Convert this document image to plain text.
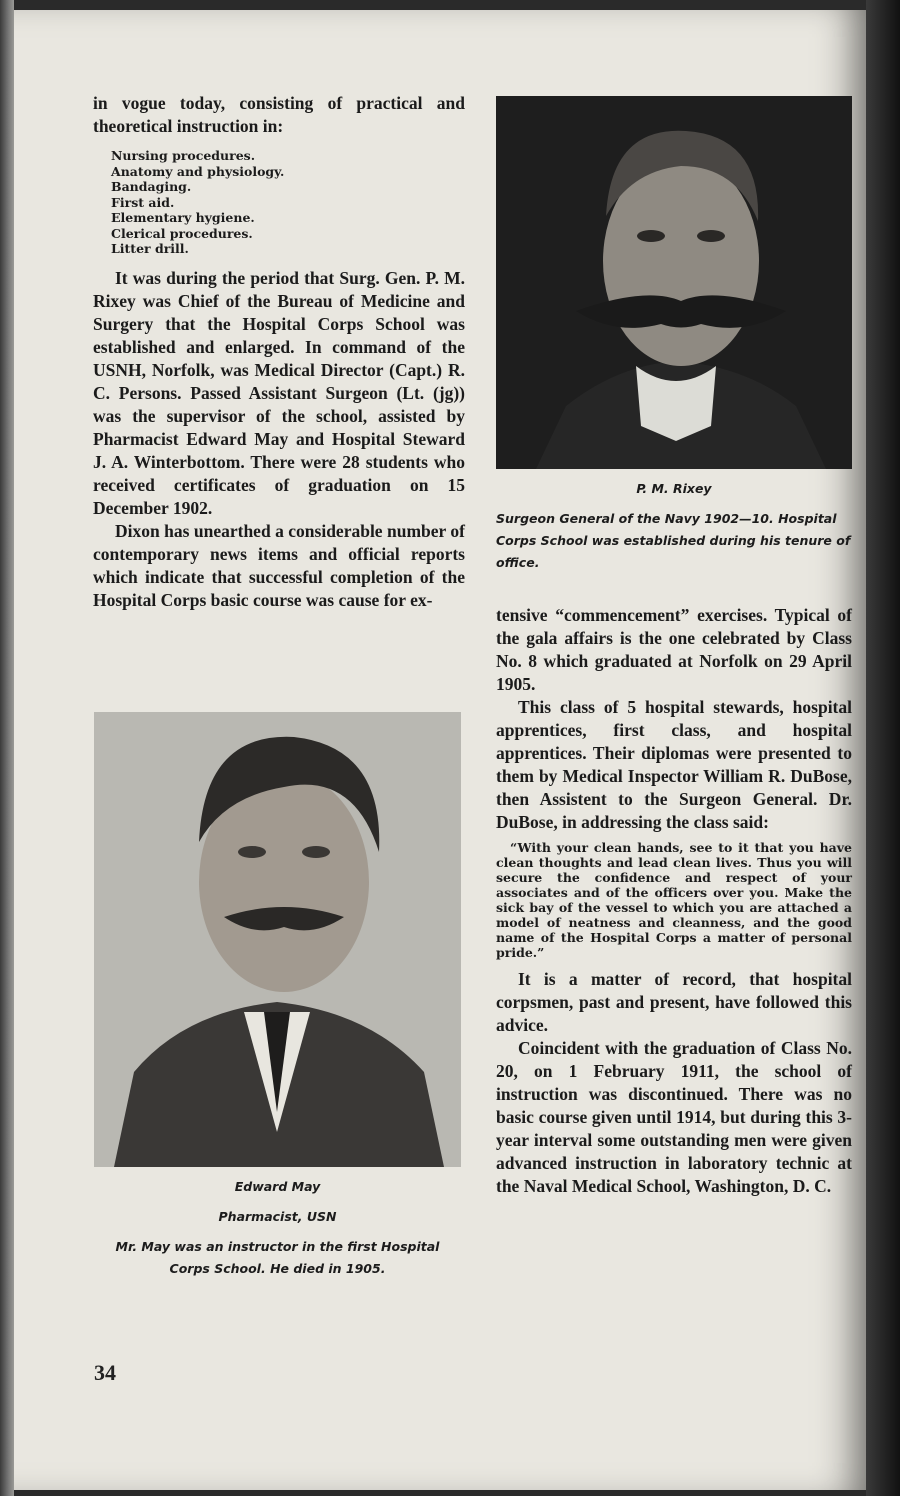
in vogue today, consisting of practical and theoretical instruction in:

Nursing procedures.
Anatomy and physiology.
Bandaging.
First aid.
Elementary hygiene.
Clerical procedures.
Litter drill.

It was during the period that Surg. Gen. P. M. Rixey was Chief of the Bureau of Medicine and Surgery that the Hospital Corps School was established and enlarged. In command of the USNH, Norfolk, was Medical Director (Capt.) R. C. Persons. Passed Assistant Surgeon (Lt. (jg)) was the supervisor of the school, assisted by Pharmacist Edward May and Hospital Steward J. A. Winterbottom. There were 28 students who received certificates of graduation on 15 December 1902.

Dixon has unearthed a considerable number of contemporary news items and official reports which indicate that successful completion of the Hospital Corps basic course was cause for ex-

Edward May

Pharmacist, USN

Mr. May was an instructor in the first Hospital Corps School. He died in 1905.

P. M. Rixey

Surgeon General of the Navy 1902—10. Hospital Corps School was established during his tenure of office.

tensive “commencement” exercises. Typical of the gala affairs is the one celebrated by Class No. 8 which graduated at Norfolk on 29 April 1905.

This class of 5 hospital stewards, hospital apprentices, first class, and hospital apprentices. Their diplomas were presented to them by Medical Inspector William R. DuBose, then Assistent to the Surgeon General. Dr. DuBose, in addressing the class said:

“With your clean hands, see to it that you have clean thoughts and lead clean lives. Thus you will secure the confidence and respect of your associates and of the officers over you. Make the sick bay of the vessel to which you are attached a model of neatness and cleanness, and the good name of the Hospital Corps a matter of personal pride.”

It is a matter of record, that hospital corpsmen, past and present, have followed this advice.

Coincident with the graduation of Class No. 20, on 1 February 1911, the school of instruction was discontinued. There was no basic course given until 1914, but during this 3-year interval some outstanding men were given advanced instruction in laboratory technic at the Naval Medical School, Washington, D. C.

34
